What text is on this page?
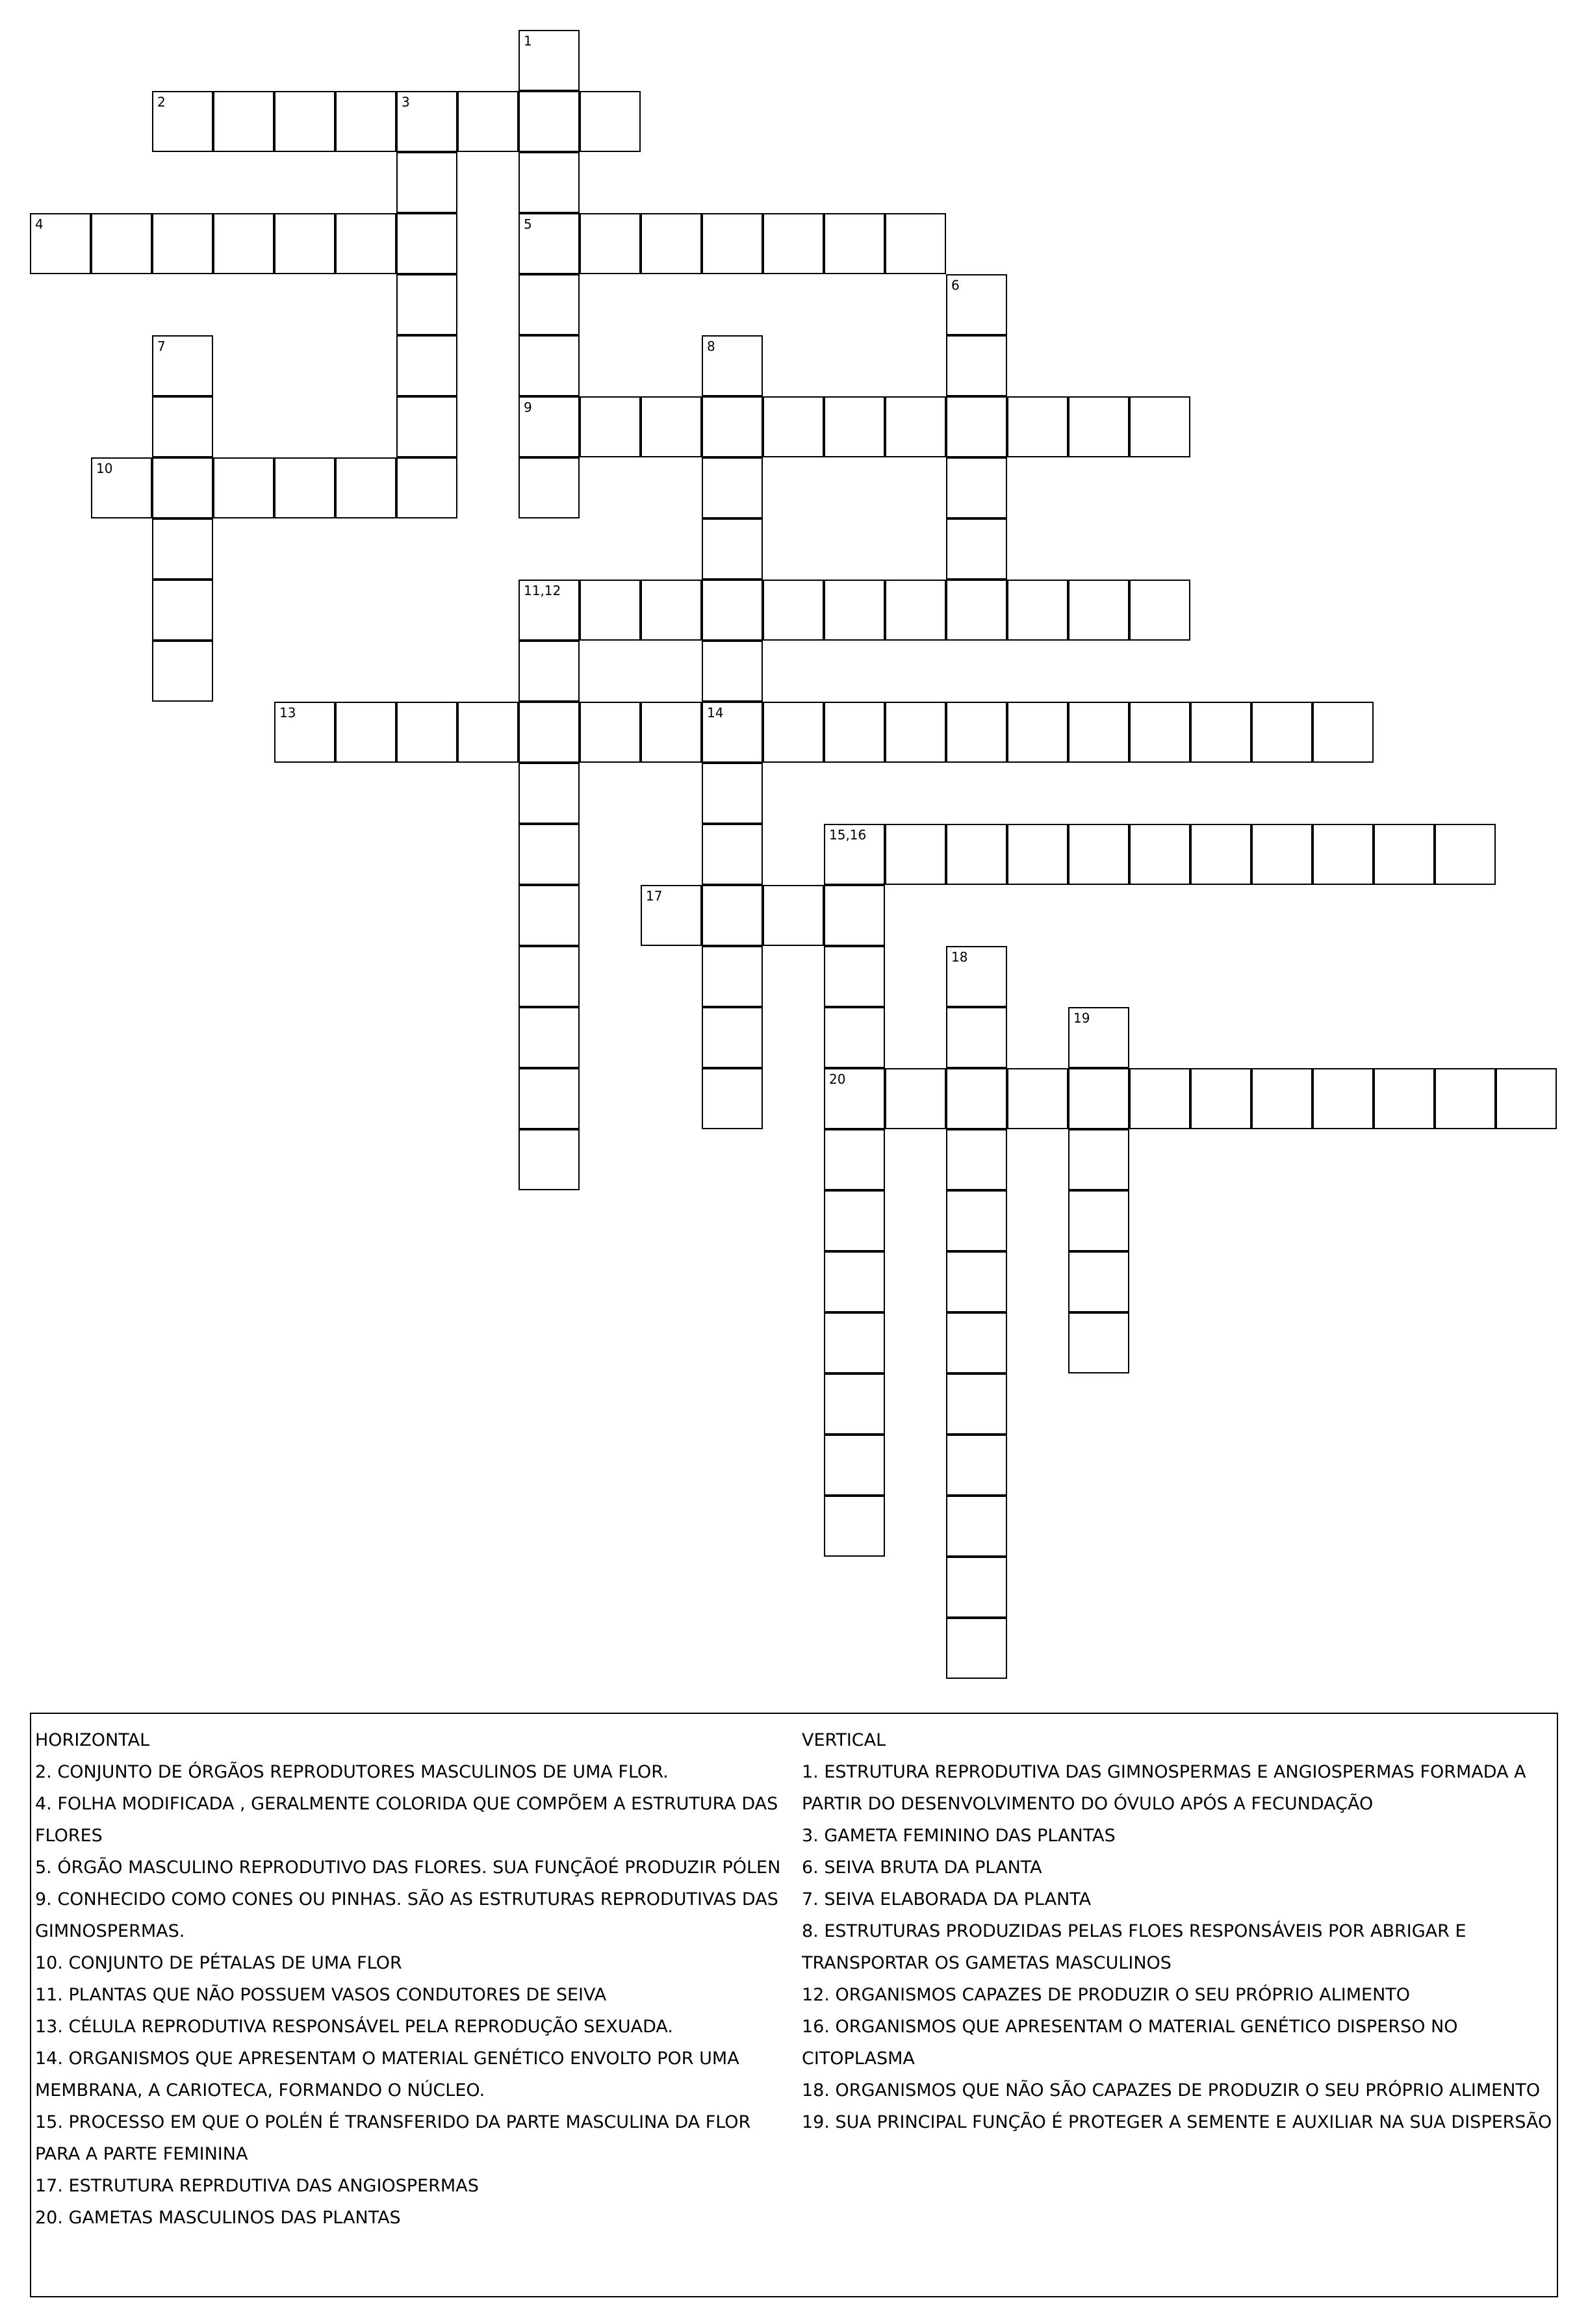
1
5
9
2	3
4
6
7	8
14
10
11,12
13
15,16
20
17
18
19

HORIZONTAL

2. CONJUNTO DE ÓRGÃOS REPRODUTORES MASCULINOS DE UMA FLOR.

4. FOLHA MODIFICADA , GERALMENTE COLORIDA QUE COMPÕEM A ESTRUTURA DAS FLORES

5. ÓRGÃO MASCULINO REPRODUTIVO DAS FLORES. SUA FUNÇÃOÉ PRODUZIR PÓLEN

9. CONHECIDO COMO CONES OU PINHAS. SÃO AS ESTRUTURAS REPRODUTIVAS DAS GIMNOSPERMAS.

10. CONJUNTO DE PÉTALAS DE UMA FLOR

11. PLANTAS QUE NÃO POSSUEM VASOS CONDUTORES DE SEIVA

13. CÉLULA REPRODUTIVA RESPONSÁVEL PELA REPRODUÇÃO SEXUADA.

14. ORGANISMOS QUE APRESENTAM O MATERIAL GENÉTICO ENVOLTO POR UMA MEMBRANA, A CARIOTECA, FORMANDO O NÚCLEO.

15. PROCESSO EM QUE O POLÉN É TRANSFERIDO DA PARTE MASCULINA DA FLOR PARA A PARTE FEMININA

17. ESTRUTURA REPRDUTIVA DAS ANGIOSPERMAS

20. GAMETAS MASCULINOS DAS PLANTAS

VERTICAL

1. ESTRUTURA REPRODUTIVA DAS GIMNOSPERMAS E ANGIOSPERMAS FORMADA A PARTIR DO DESENVOLVIMENTO DO ÓVULO APÓS A FECUNDAÇÃO

3. GAMETA FEMININO DAS PLANTAS

6. SEIVA BRUTA DA PLANTA

7. SEIVA ELABORADA DA PLANTA

8. ESTRUTURAS PRODUZIDAS PELAS FLOES RESPONSÁVEIS POR ABRIGAR E TRANSPORTAR OS GAMETAS MASCULINOS

12. ORGANISMOS CAPAZES DE PRODUZIR O SEU PRÓPRIO ALIMENTO

16. ORGANISMOS QUE APRESENTAM O MATERIAL GENÉTICO DISPERSO NO CITOPLASMA

18. ORGANISMOS QUE NÃO SÃO CAPAZES DE PRODUZIR O SEU PRÓPRIO ALIMENTO

19. SUA PRINCIPAL FUNÇÃO É PROTEGER A SEMENTE E AUXILIAR NA SUA DISPERSÃO
